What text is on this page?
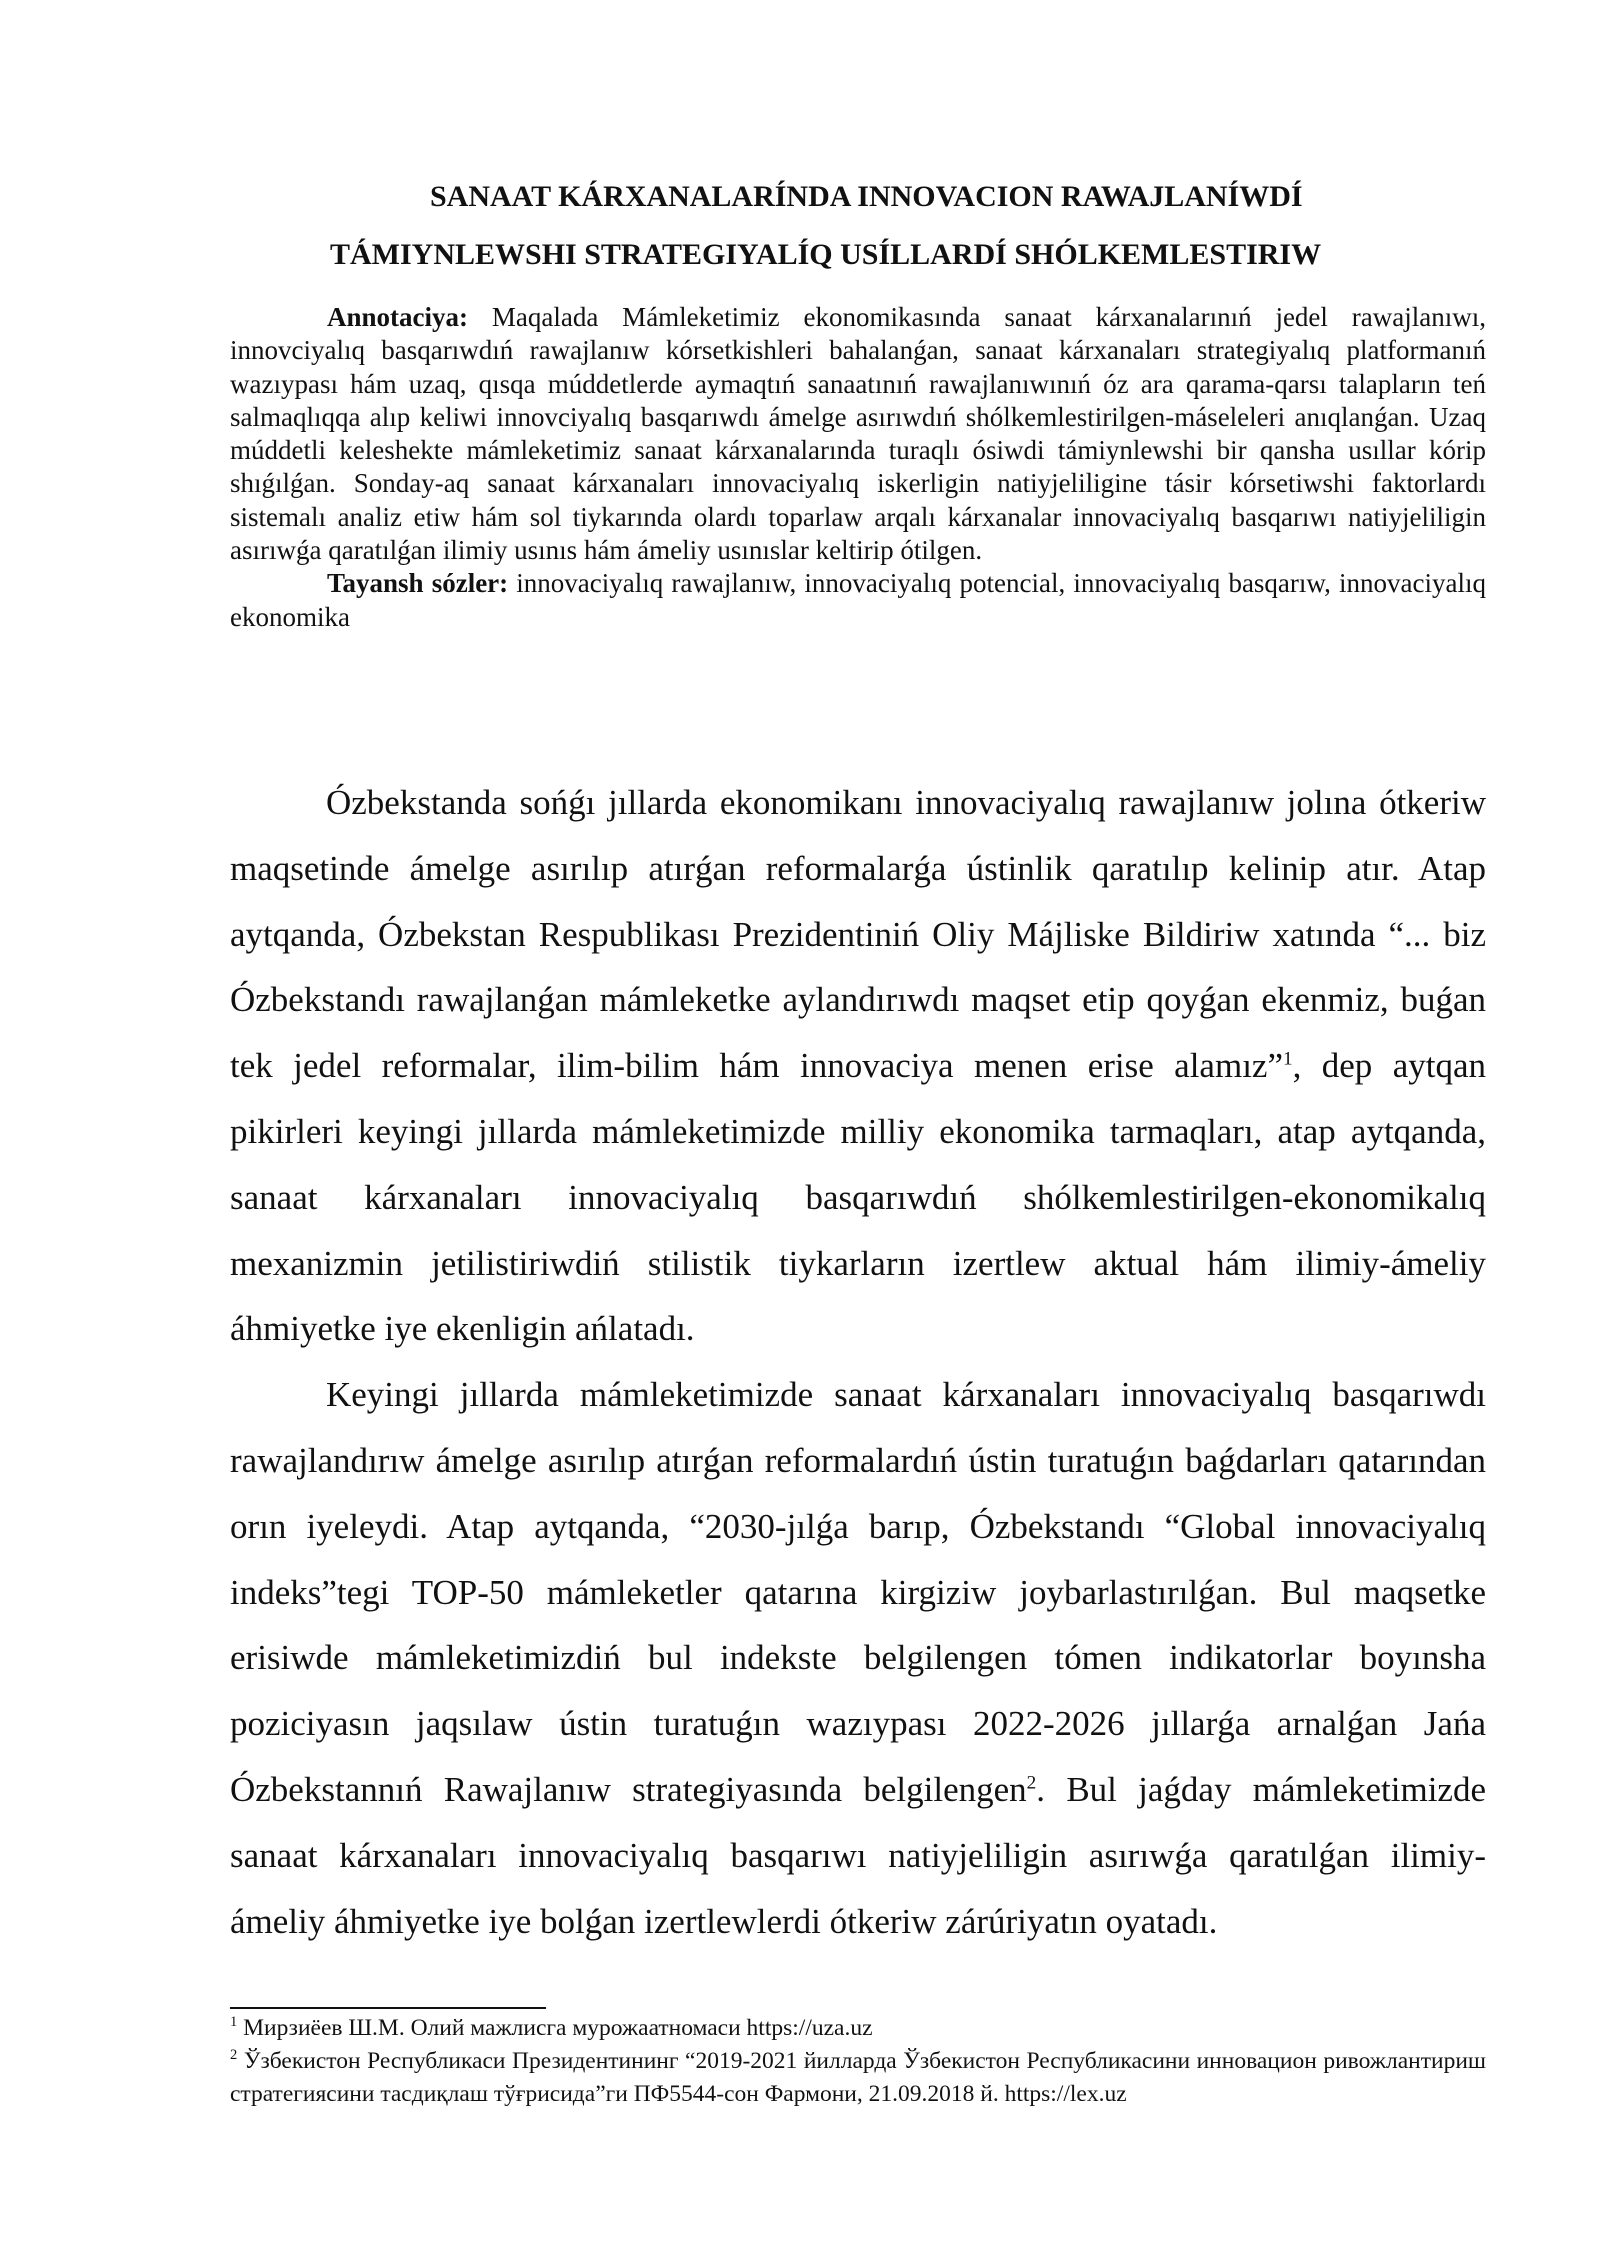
SANAAT KÁRXANALARÍNDA INNOVACION RAWAJLANÍWDÍ
TÁMIYNLEWSHI STRATEGIYALÍQ USÍLLARDÍ SHÓLKEMLESTIRIW

Annotaciya: Maqalada Mámleketimiz ekonomikasında sanaat kárxanalarınıń jedel rawajlanıwı, innovciyalıq basqarıwdıń rawajlanıw kórsetkishleri bahalanǵan, sanaat kárxanaları strategiyalıq platformanıń wazıypası hám uzaq, qısqa múddetlerde aymaqtıń sanaatınıń rawajlanıwınıń óz ara qarama-qarsı talapların teń salmaqlıqqa alıp keliwi innovciyalıq basqarıwdı ámelge asırıwdıń shólkemlestirilgen-máseleleri anıqlanǵan. Uzaq múddetli keleshekte mámleketimiz sanaat kárxanalarında turaqlı ósiwdi támiynlewshi bir qansha usıllar kórip shıǵılǵan. Sonday-aq sanaat kárxanaları innovaciyalıq iskerligin natiyjeliligine tásir kórsetiwshi faktorlardı sistemalı analiz etiw hám sol tiykarında olardı toparlaw arqalı kárxanalar innovaciyalıq basqarıwı natiyjeliligin asırıwǵa qaratılǵan ilimiy usınıs hám ámeliy usınıslar keltirip ótilgen.

Tayansh sózler: innovaciyalıq rawajlanıw, innovaciyalıq potencial, innovaciyalıq basqarıw, innovaciyalıq ekonomika

Ózbekstanda sońǵı jıllarda ekonomikanı innovaciyalıq rawajlanıw jolına ótkeriw maqsetinde ámelge asırılıp atırǵan reformalarǵa ústinlik qaratılıp kelinip atır. Atap aytqanda, Ózbekstan Respublikası Prezidentiniń Oliy Májliske Bildiriw xatında “... biz Ózbekstandı rawajlanǵan mámleketke aylandırıwdı maqset etip qoyǵan ekenmiz, buǵan tek jedel reformalar, ilim-bilim hám innovaciya menen erise alamız”$^1$, dep aytqan pikirleri keyingi jıllarda mámleketimizde milliy ekonomika tarmaqları, atap aytqanda, sanaat kárxanaları innovaciyalıq basqarıwdıń shólkemlestirilgen-ekonomikalıq mexanizmin jetilistiriwdiń stilistik tiykarların izertlew aktual hám ilimiy-ámeliy áhmiyetke iye ekenligin ańlatadı.

Keyingi jıllarda mámleketimizde sanaat kárxanaları innovaciyalıq basqarıwdı rawajlandırıw ámelge asırılıp atırǵan reformalardıń ústin turatuǵın baǵdarları qatarından orın iyeleydi. Atap aytqanda, “2030-jılǵa barıp, Ózbekstandı “Global innovaciyalıq indeks”tegi TOP-50 mámleketler qatarına kirgiziw joybarlastırılǵan. Bul maqsetke erisiwde mámleketimizdiń bul indekste belgilengen tómen indikatorlar boyınsha poziciyasın jaqsılaw ústin turatuǵın wazıypası 2022-2026 jıllarǵa arnalǵan Jańa Ózbekstannıń Rawajlanıw strategiyasında belgilengen$^2$. Bul jaǵday mámleketimizde sanaat kárxanaları innovaciyalıq basqarıwı natiyjeliligin asırıwǵa qaratılǵan ilimiy-ámeliy áhmiyetke iye bolǵan izertlewlerdi ótkeriw zárúriyatın oyatadı.

$^1$ Мирзиёев Ш.М. Олий мажлисга мурожаатномаси https://uza.uz

$^2$ Ўзбекистон Республикаси Президентининг “2019-2021 йилларда Ўзбекистон Республикасини инновацион ривожлантириш стратегиясини тасдиқлаш тўғрисида”ги ПФ5544-сон Фармони, 21.09.2018 й. https://lex.uz
